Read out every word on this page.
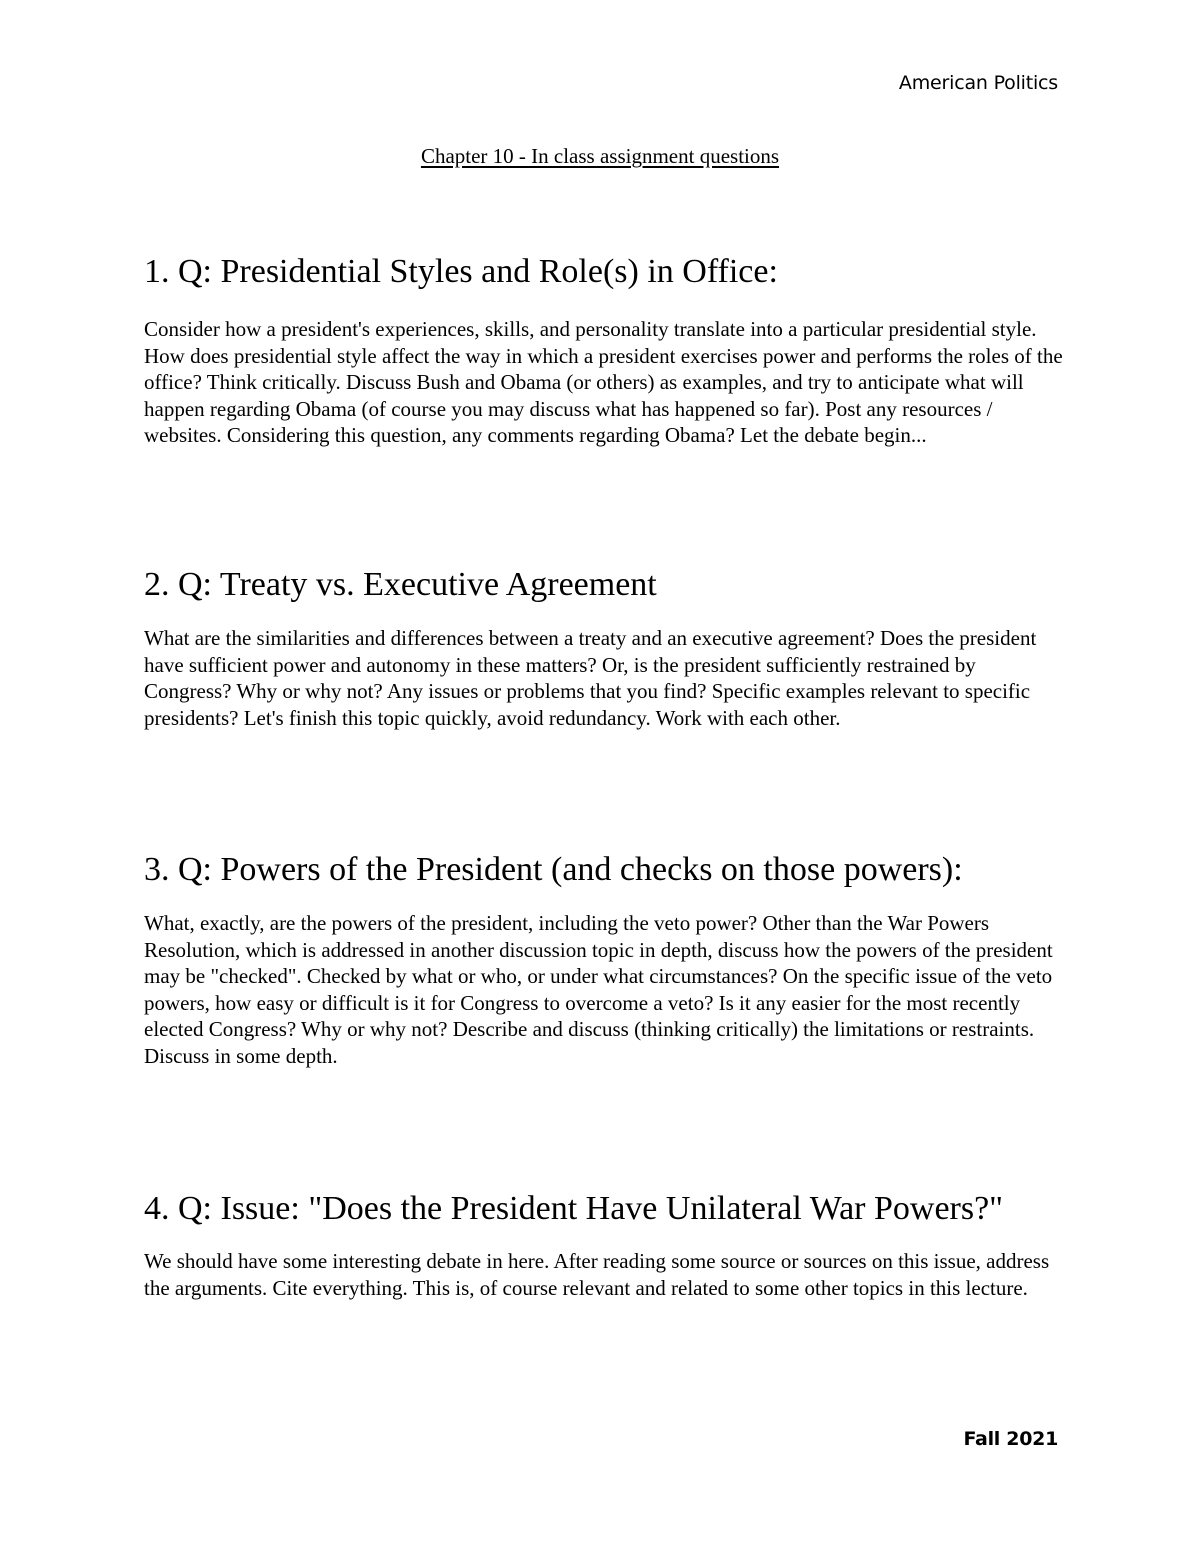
American Politics
Chapter 10 - In class assignment questions
1. Q: Presidential Styles and Role(s) in Office:

Consider how a president's experiences, skills, and personality translate into a particular presidential style. How does presidential style affect the way in which a president exercises power and performs the roles of the office? Think critically. Discuss Bush and Obama (or others) as examples, and try to anticipate what will happen regarding Obama (of course you may discuss what has happened so far). Post any resources / websites. Considering this question, any comments regarding Obama? Let the debate begin...

2. Q: Treaty vs. Executive Agreement

What are the similarities and differences between a treaty and an executive agreement? Does the president have sufficient power and autonomy in these matters? Or, is the president sufficiently restrained by Congress? Why or why not? Any issues or problems that you find? Specific examples relevant to specific presidents? Let's finish this topic quickly, avoid redundancy. Work with each other.

3. Q: Powers of the President (and checks on those powers):

What, exactly, are the powers of the president, including the veto power? Other than the War Powers Resolution, which is addressed in another discussion topic in depth, discuss how the powers of the president may be "checked". Checked by what or who, or under what circumstances? On the specific issue of the veto powers, how easy or difficult is it for Congress to overcome a veto? Is it any easier for the most recently elected Congress? Why or why not? Describe and discuss (thinking critically) the limitations or restraints. Discuss in some depth.

4. Q: Issue: "Does the President Have Unilateral War Powers?"

We should have some interesting debate in here. After reading some source or sources on this issue, address the arguments. Cite everything. This is, of course relevant and related to some other topics in this lecture.

Fall 2021
